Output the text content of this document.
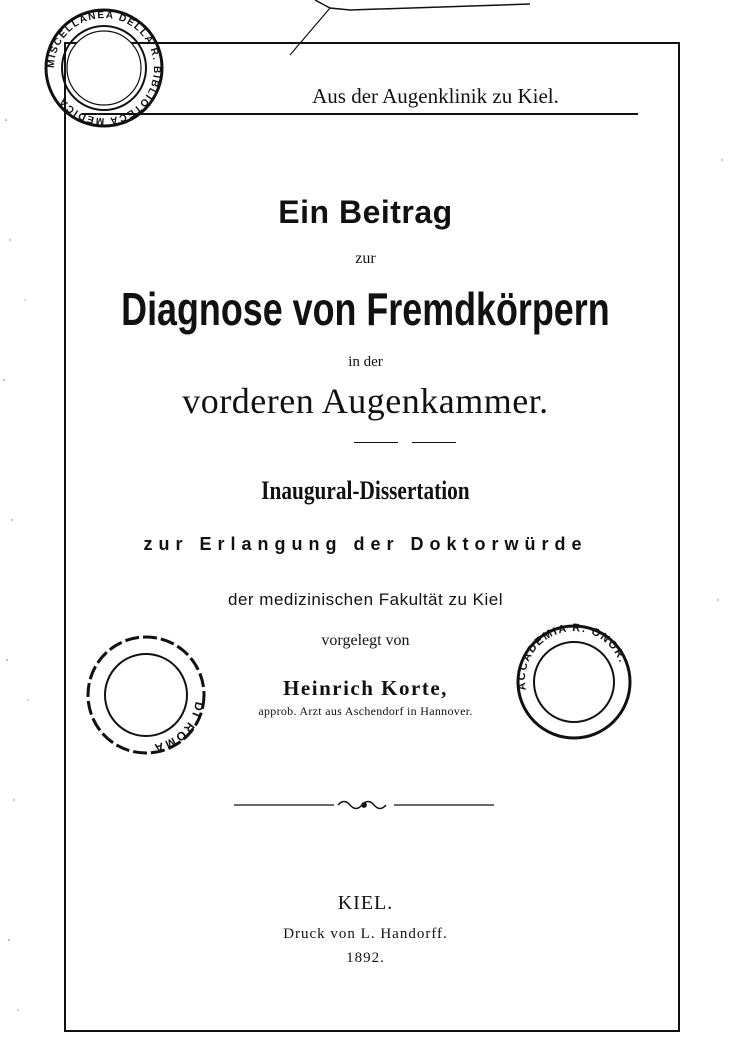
Aus der Augenklinik zu Kiel.
Ein Beitrag
zur
Diagnose von Fremdkörpern
in der
vorderen Augenkammer.
Inaugural-Dissertation
zur Erlangung der Doktorwürde
der medizinischen Fakultät zu Kiel
vorgelegt von
Heinrich Korte,
approb. Arzt aus Aschendorf in Hannover.
KIEL.
Druck von L. Handorff.
1892.
MISCELLANEA DELLA R. BIBLIOTECA MEDICA
DI ROMA
ACCADEMIA R. ONOR.
